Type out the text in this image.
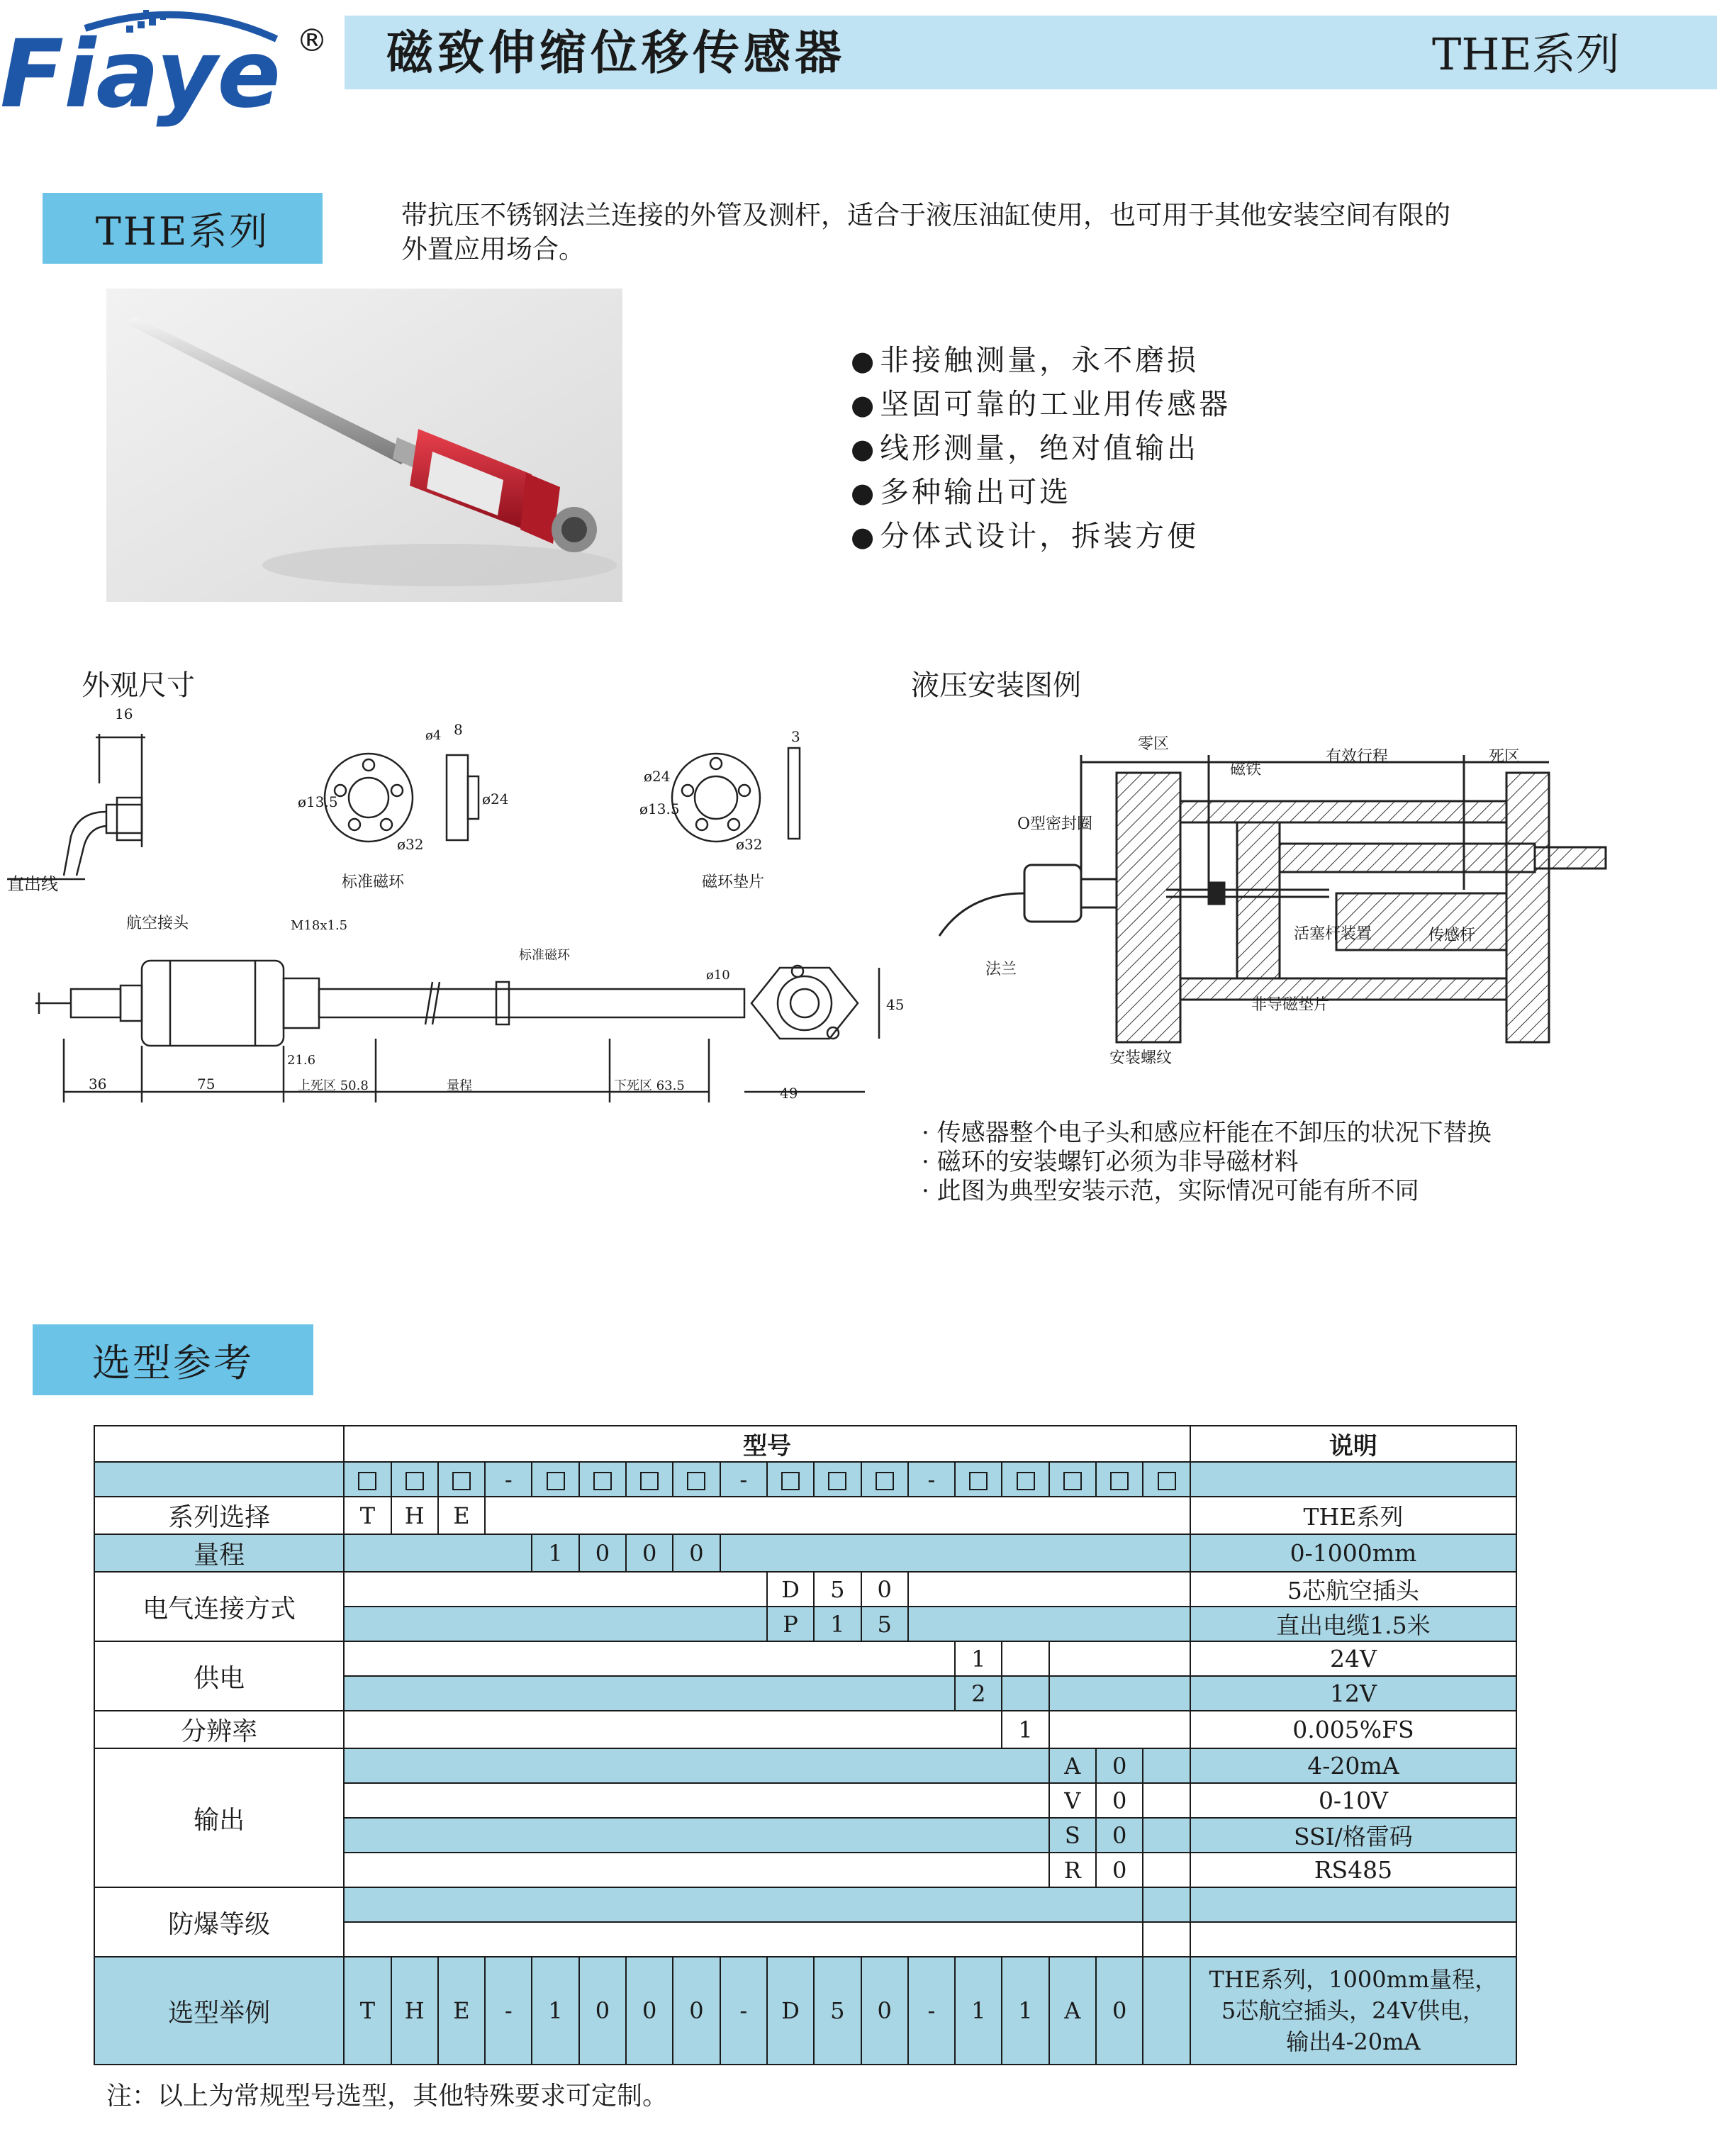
Fiaye ® 磁致伸缩位移传感器	THE系列
THE系列	带抗压不锈钢法兰连接的外管及测杆，适合于液压油缸使用，也可用于其他安装空间有限的外置应用场合。
●非接触测量，永不磨损
●坚固可靠的工业用传感器
●线形测量，绝对值输出
●多种输出可选
●分体式设计，拆装方便
外观尺寸	液压安装图例
16
直出线
ø4 8
ø24
ø13.5
ø32
标准磁环
ø24
ø13.5
ø32
3
磁环垫片
航空接头	M18x1.5
标准磁环
ø10
45
21.6
36	75	上死区 50.8	量程	下死区 63.5	49
零区
磁铁
有效行程	死区
O型密封圈
活塞杆装置	传感杆
法兰
非导磁垫片
安装螺纹
· 传感器整个电子头和感应杆能在不卸压的状况下替换
· 磁环的安装螺钉必须为非导磁材料
· 此图为典型安装示范，实际情况可能有所不同
选型参考
	型号																		说明
				-					-				-						
系列选择	T	H	E																THE系列
量程					1	0	0	0											0-1000mm
电气连接方式										D	5	0							5芯航空插头
										P	1	5							直出电缆1.5米
供电														1					24V
														2					12V
分辨率															1				0.005%FS
输出																A	0		4-20mA
																V	0		0-10V
																S	0		SSI/格雷码
																R	0		RS485
防爆等级																			

选型举例	T	H	E	-	1	0	0	0	-	D	5	0	-	1	1	A	0		THE系列，1000mm量程，
5芯航空插头，24V供电，
输出4-20mA
注：以上为常规型号选型，其他特殊要求可定制。
